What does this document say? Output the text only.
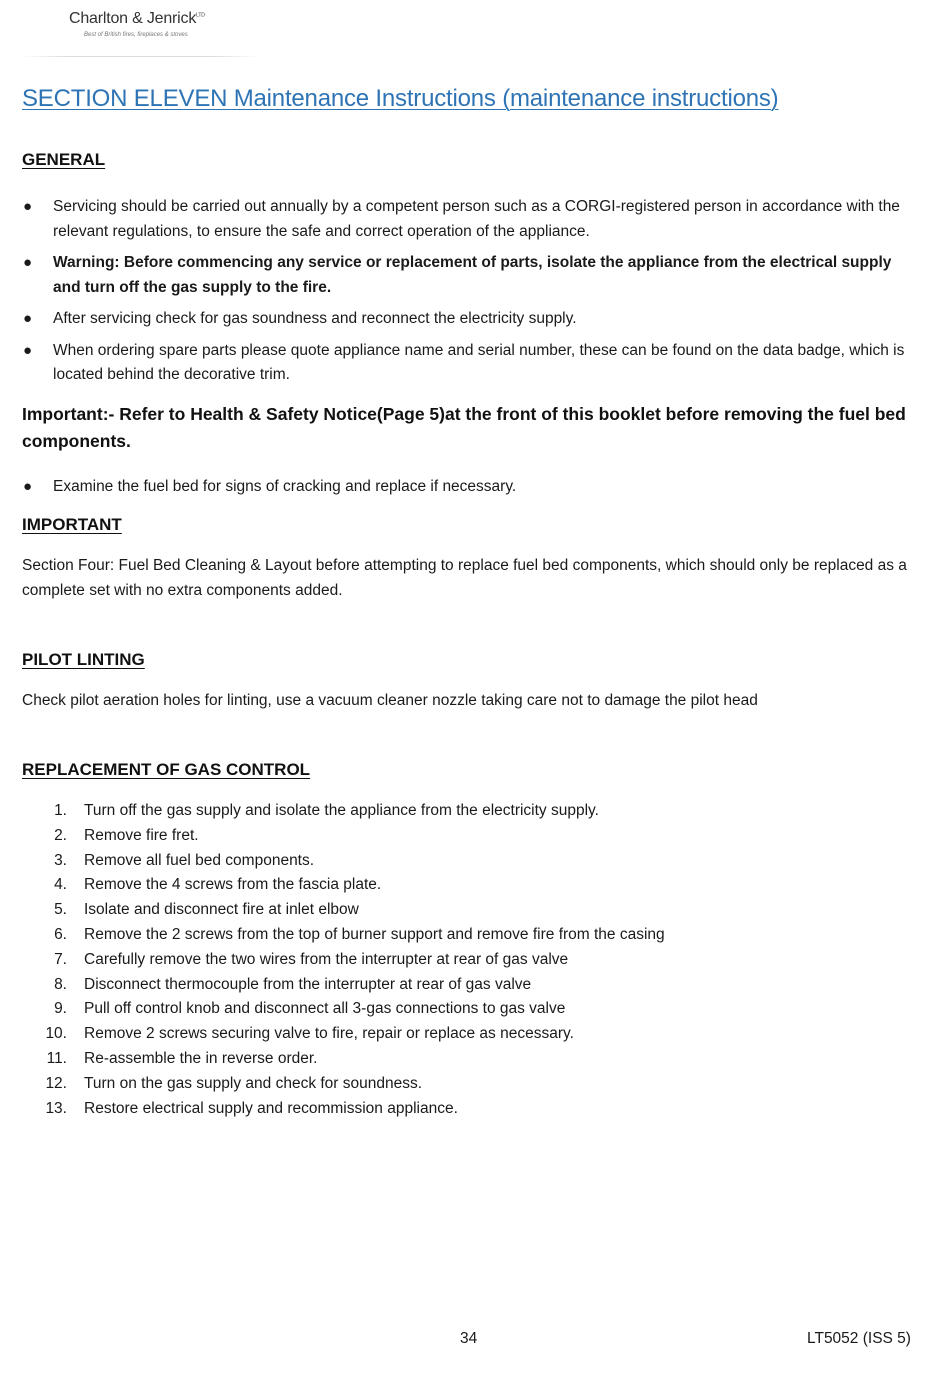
Charlton & Jenrick$^{LTD}$
Best of British fires, fireplaces & stoves
SECTION ELEVEN Maintenance Instructions (maintenance instructions)
GENERAL
● Servicing should be carried out annually by a competent person such as a CORGI-registered person in accordance with the relevant regulations, to ensure the safe and correct operation of the appliance.
● Warning: Before commencing any service or replacement of parts, isolate the appliance from the electrical supply and turn off the gas supply to the fire.
● After servicing check for gas soundness and reconnect the electricity supply.
● When ordering spare parts please quote appliance name and serial number, these can be found on the data badge, which is located behind the decorative trim.
Important:- Refer to Health & Safety Notice(Page 5)at the front of this booklet before removing the fuel bed components.
● Examine the fuel bed for signs of cracking and replace if necessary.
IMPORTANT
Section Four: Fuel Bed Cleaning & Layout before attempting to replace fuel bed components, which should only be replaced as a complete set with no extra components added.
PILOT LINTING
Check pilot aeration holes for linting, use a vacuum cleaner nozzle taking care not to damage the pilot head
REPLACEMENT OF GAS CONTROL
1. Turn off the gas supply and isolate the appliance from the electricity supply.
2. Remove fire fret.
3. Remove all fuel bed components.
4. Remove the 4 screws from the fascia plate.
5. Isolate and disconnect fire at inlet elbow
6. Remove the 2 screws from the top of burner support and remove fire from the casing
7. Carefully remove the two wires from the interrupter at rear of gas valve
8. Disconnect thermocouple from the interrupter at rear of gas valve
9. Pull off control knob and disconnect all 3-gas connections to gas valve
10. Remove 2 screws securing valve to fire, repair or replace as necessary.
11. Re-assemble the in reverse order.
12. Turn on the gas supply and check for soundness.
13. Restore electrical supply and recommission appliance.
34	LT5052 (ISS 5)
